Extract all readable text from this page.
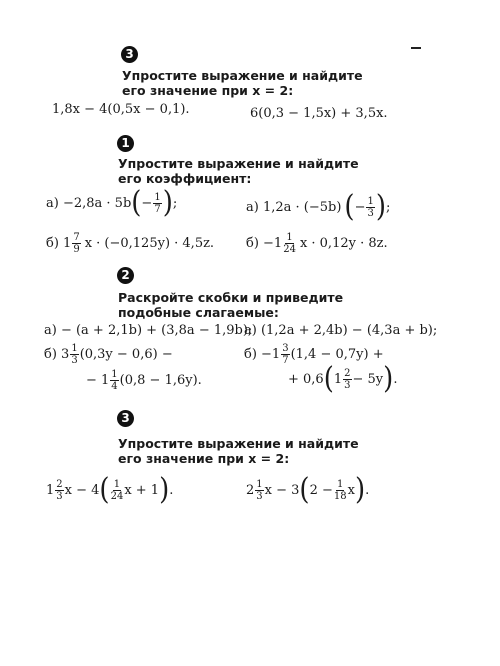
3
Упростите выражение и найдите
его значение при x = 2:
1,8x − 4(0,5x − 0,1).	6(0,3 − 1,5x) + 3,5x.
1
Упростите выражение и найдите
его коэффициент:
а) −2,8a · 5b ( − $\frac{1}{7}$ ) ;	а) 1,2a · (−5b) ( − $\frac{1}{3}$ ) ;
б) $1 \frac{7}{9}$ x · (−0,125y) · 4,5z. $б) -1 \frac{1}{24}$ x · 0,12y · 8z.
2
Раскройте скобки и приведите
подобные слагаемые:
а) − (a + 2,1b) + (3,8a − 1,9b);
а) (1,2a + 2,4b) − (4,3a + b);
б) $3 \frac{1}{3} (0,3y - 0,6)$ −
− $1 \frac{1}{4} (0,8 - 1,6y)$.
$б) -1 \frac{3}{7} (1,4 - 0,7y)$ +
+ 0,6 ( $1 \frac{2}{3} - 5y$ ) .
3
Упростите выражение и найдите
его значение при x = 2:
$1 \frac{2}{3}$ x − 4 ( $\frac{1}{24}$ x + 1 ) .	$2 \frac{1}{3}$ x − 3 ( $2 - \frac{1}{18}$ x ) .
